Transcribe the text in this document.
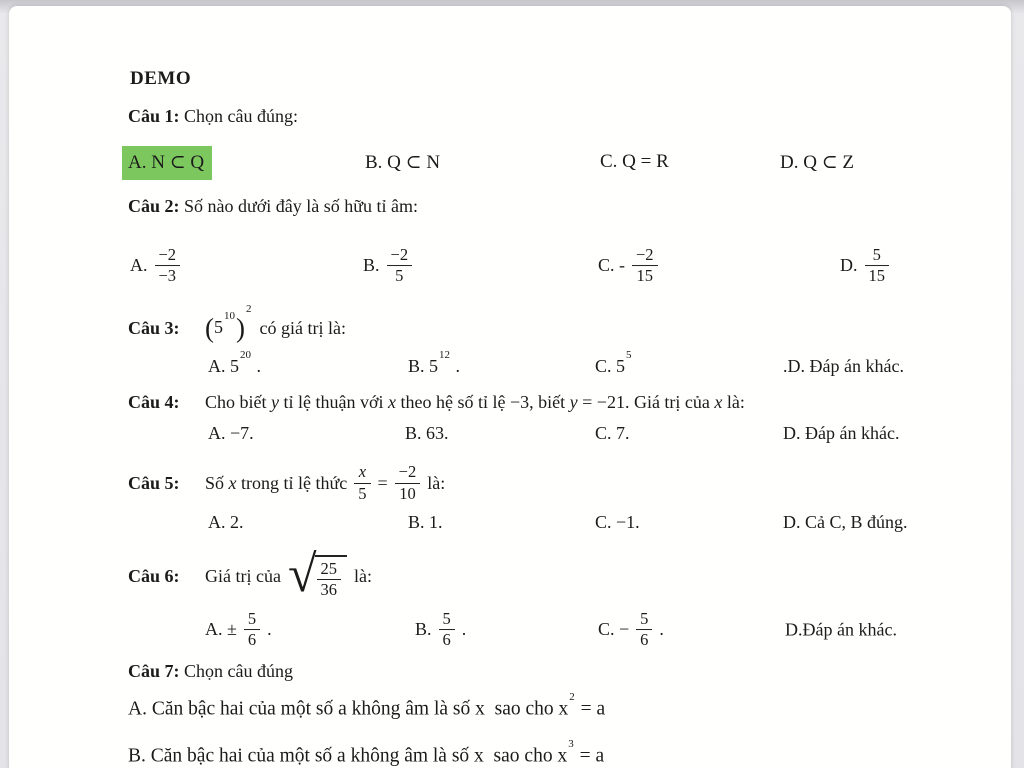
DEMO
Câu 1: Chọn câu đúng:
A. N ⊂ Q	B. Q ⊂ N	C. Q = R	D. Q ⊂ Z
Câu 2: Số nào dưới đây là số hữu tỉ âm:
A. $\frac{-2}{-3}$	B. $\frac{-2}{5}$	C. - $\frac{-2}{15}$	D. $\frac{5}{15}$
Câu 3: $(5^{10})^2$
có giá trị là:
A. $5^{20}$ .	B. $5^{12}$ .	C. $5^5$
.D. Đáp án khác.
Câu 4: Cho biết y tỉ lệ thuận với x theo hệ số tỉ lệ −3, biết y = −21. Giá trị của x là:
A. −7.	B. 63.	C. 7.	D. Đáp án khác.
Câu 5:	Số x trong tỉ lệ thức $\frac{x}{5} = \frac{-2}{10}$ là:
A. 2.	B. 1.	C. −1.	D. Cả C, B đúng.
Câu 6:	Giá trị của √ $\frac{25}{36}$ là:
A. ± $\frac{5}{6}$ .	B. $\frac{5}{6}$ .	C. − $\frac{5}{6}$ .	D.Đáp án khác.
Câu 7: Chọn câu đúng
A. Căn bậc hai của một số a không âm là số x  sao cho $x^2 = a$
B. Căn bậc hai của một số a không âm là số x  sao cho $x^3 = a$
